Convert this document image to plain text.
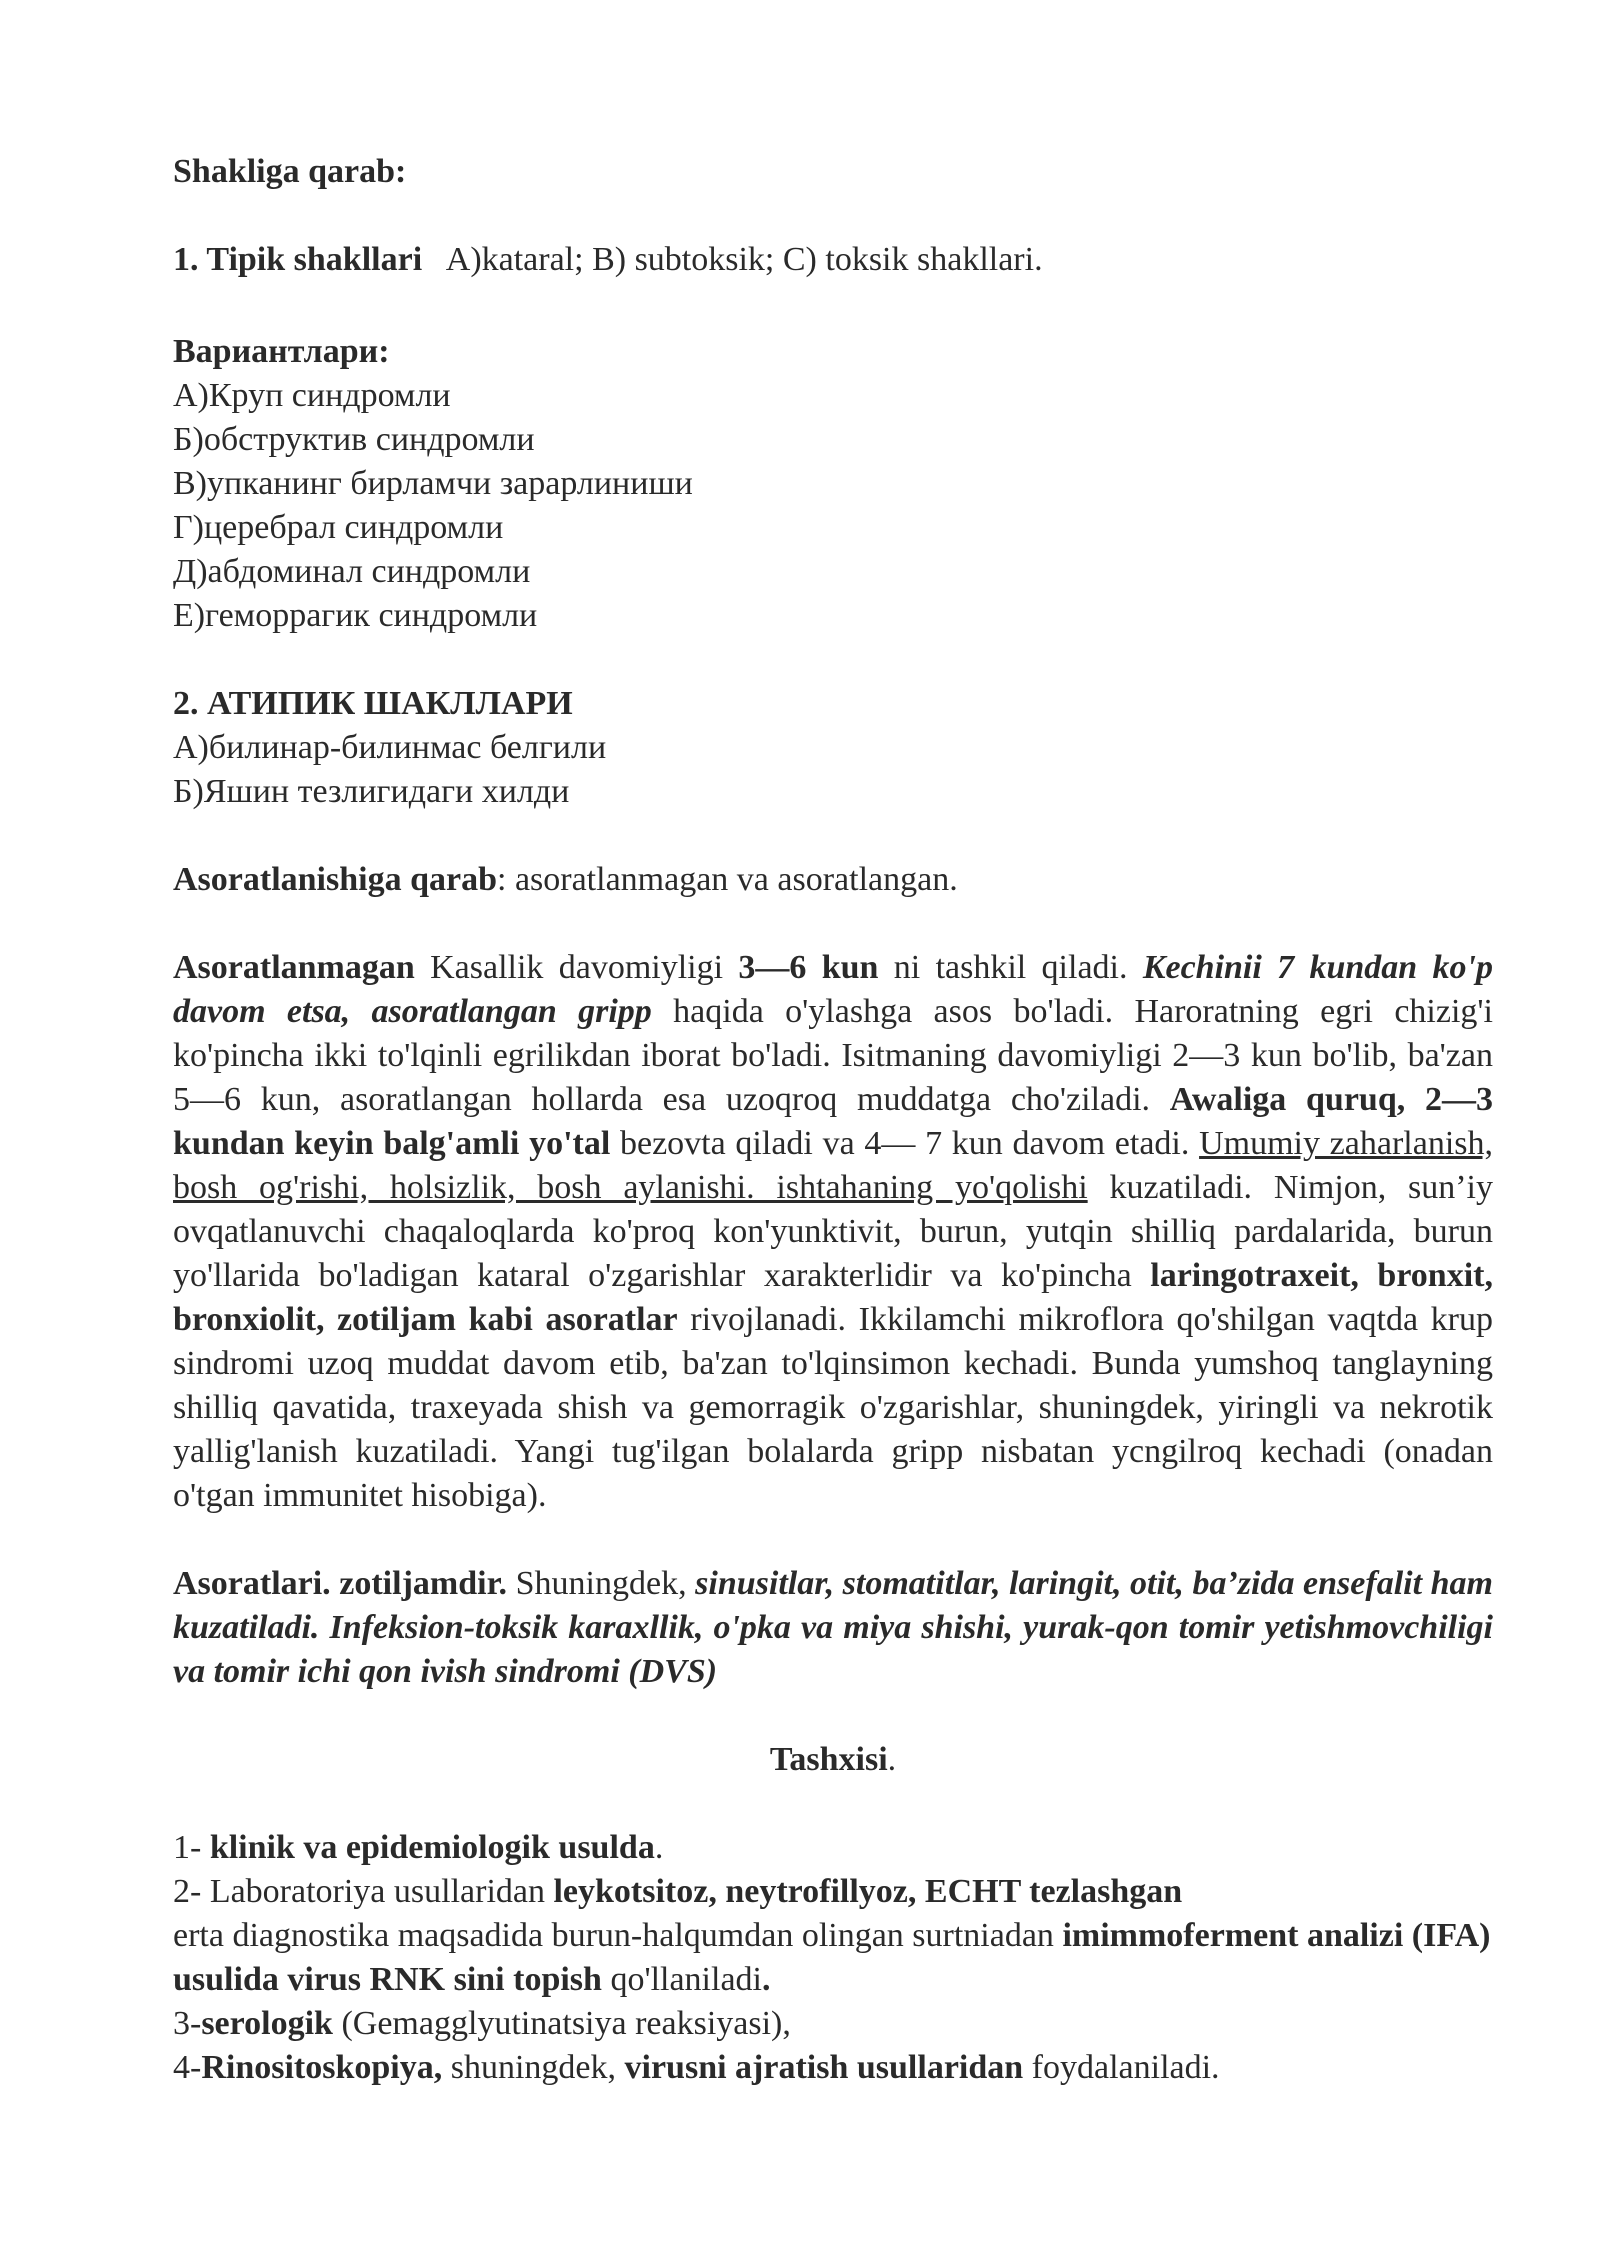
Shakliga qarab:

1. Tipik shakllari A)kataral; B) subtoksik; C) toksik shakllari.

Вариантлари:

А)Круп синдромли

Б)обструктив синдромли

В)упканинг бирламчи зарарлиниши

Г)церебрал синдромли

Д)абдоминал синдромли

Е)геморрагик синдромли

2. АТИПИК ШАКЛЛАРИ

А)билинар-билинмас белгили

Б)Яшин тезлигидаги хилди

Asoratlanishiga qarab: asoratlanmagan va asoratlangan.

Asoratlanmagan Kasallik davomiyligi 3—6 kun ni tashkil qiladi. Kechinii 7 kundan ko'p davom etsa, asoratlangan gripp haqida o'ylashga asos bo'ladi. Haroratning egri chizig'i ko'pincha ikki to'lqinli egrilikdan iborat bo'ladi. Isitmaning davomiyligi 2—3 kun bo'lib, ba'zan 5—6 kun, asoratlangan hollarda esa uzoqroq muddatga cho'ziladi. Awaliga quruq, 2—3 kundan keyin balg'amli yo'tal bezovta qiladi va 4— 7 kun davom etadi. Umumiy zaharlanish, bosh og'rishi, holsizlik, bosh aylanishi. ishtahaning yo'qolishi kuzatiladi. Nimjon, sun’iy ovqatlanuvchi chaqaloqlarda ko'proq kon'yunktivit, burun, yutqin shilliq pardalarida, burun yo'llarida bo'ladigan kataral o'zgarishlar xarakterlidir va ko'pincha laringotraxeit, bronxit, bronxiolit, zotiljam kabi asoratlar rivojlanadi. Ikkilamchi mikroflora qo'shilgan vaqtda krup sindromi uzoq muddat davom etib, ba'zan to'lqinsimon kechadi. Bunda yumshoq tanglayning shilliq qavatida, traxeyada shish va gemorragik o'zgarishlar, shuningdek, yiringli va nekrotik yallig'lanish kuzatiladi. Yangi tug'ilgan bolalarda gripp nisbatan ycngilroq kechadi (onadan o'tgan immunitet hisobiga).

Asoratlari. zotiljamdir. Shuningdek, sinusitlar, stomatitlar, laringit, otit, ba’zida ensefalit ham kuzatiladi. Infeksion-toksik karaxllik, o'pka va miya shishi, yurak-qon tomir yetishmovchiligi va tomir ichi qon ivish sindromi (DVS)

Tashxisi.

1- klinik va epidemiologik usulda.

2- Laboratoriya usullaridan leykotsitoz, neytrofillyoz, ECHT tezlashgan

erta diagnostika maqsadida burun-halqumdan olingan surtniadan imimmoferment analizi (IFA) usulida virus RNK sini topish qo'llaniladi.

3-serologik (Gemagglyutinatsiya reaksiyasi),

4-Rinositoskopiya, shuningdek, virusni ajratish usullaridan foydalaniladi.
